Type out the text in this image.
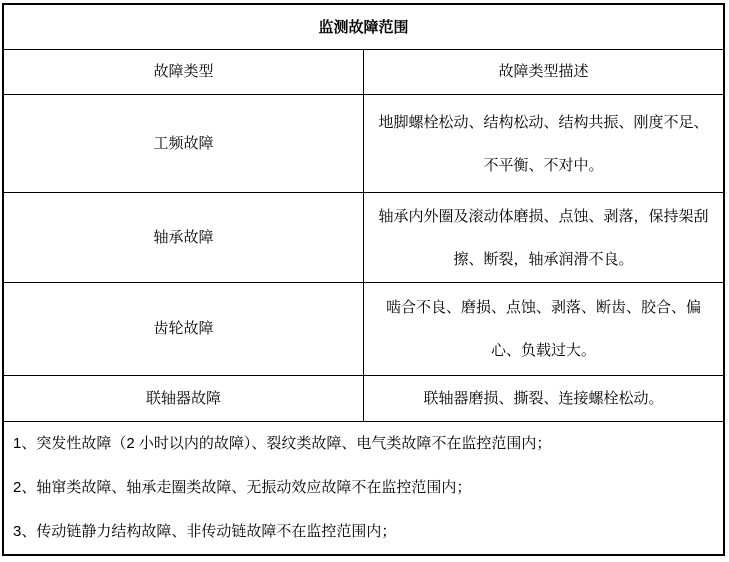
监测故障范围
故障类型	故障类型描述
工频故障
地脚螺栓松动、结构松动、结构共振、刚度不足、不平衡、不对中。
轴承故障
轴承内外圈及滚动体磨损、点蚀、剥落，保持架刮擦、断裂，轴承润滑不良。
齿轮故障
啮合不良、磨损、点蚀、剥落、断齿、胶合、偏心、负载过大。
联轴器故障	联轴器磨损、撕裂、连接螺栓松动。
1、突发性故障（2 小时以内的故障）、裂纹类故障、电气类故障不在监控范围内；
2、轴窜类故障、轴承走圈类故障、无振动效应故障不在监控范围内；
3、传动链静力结构故障、非传动链故障不在监控范围内；
